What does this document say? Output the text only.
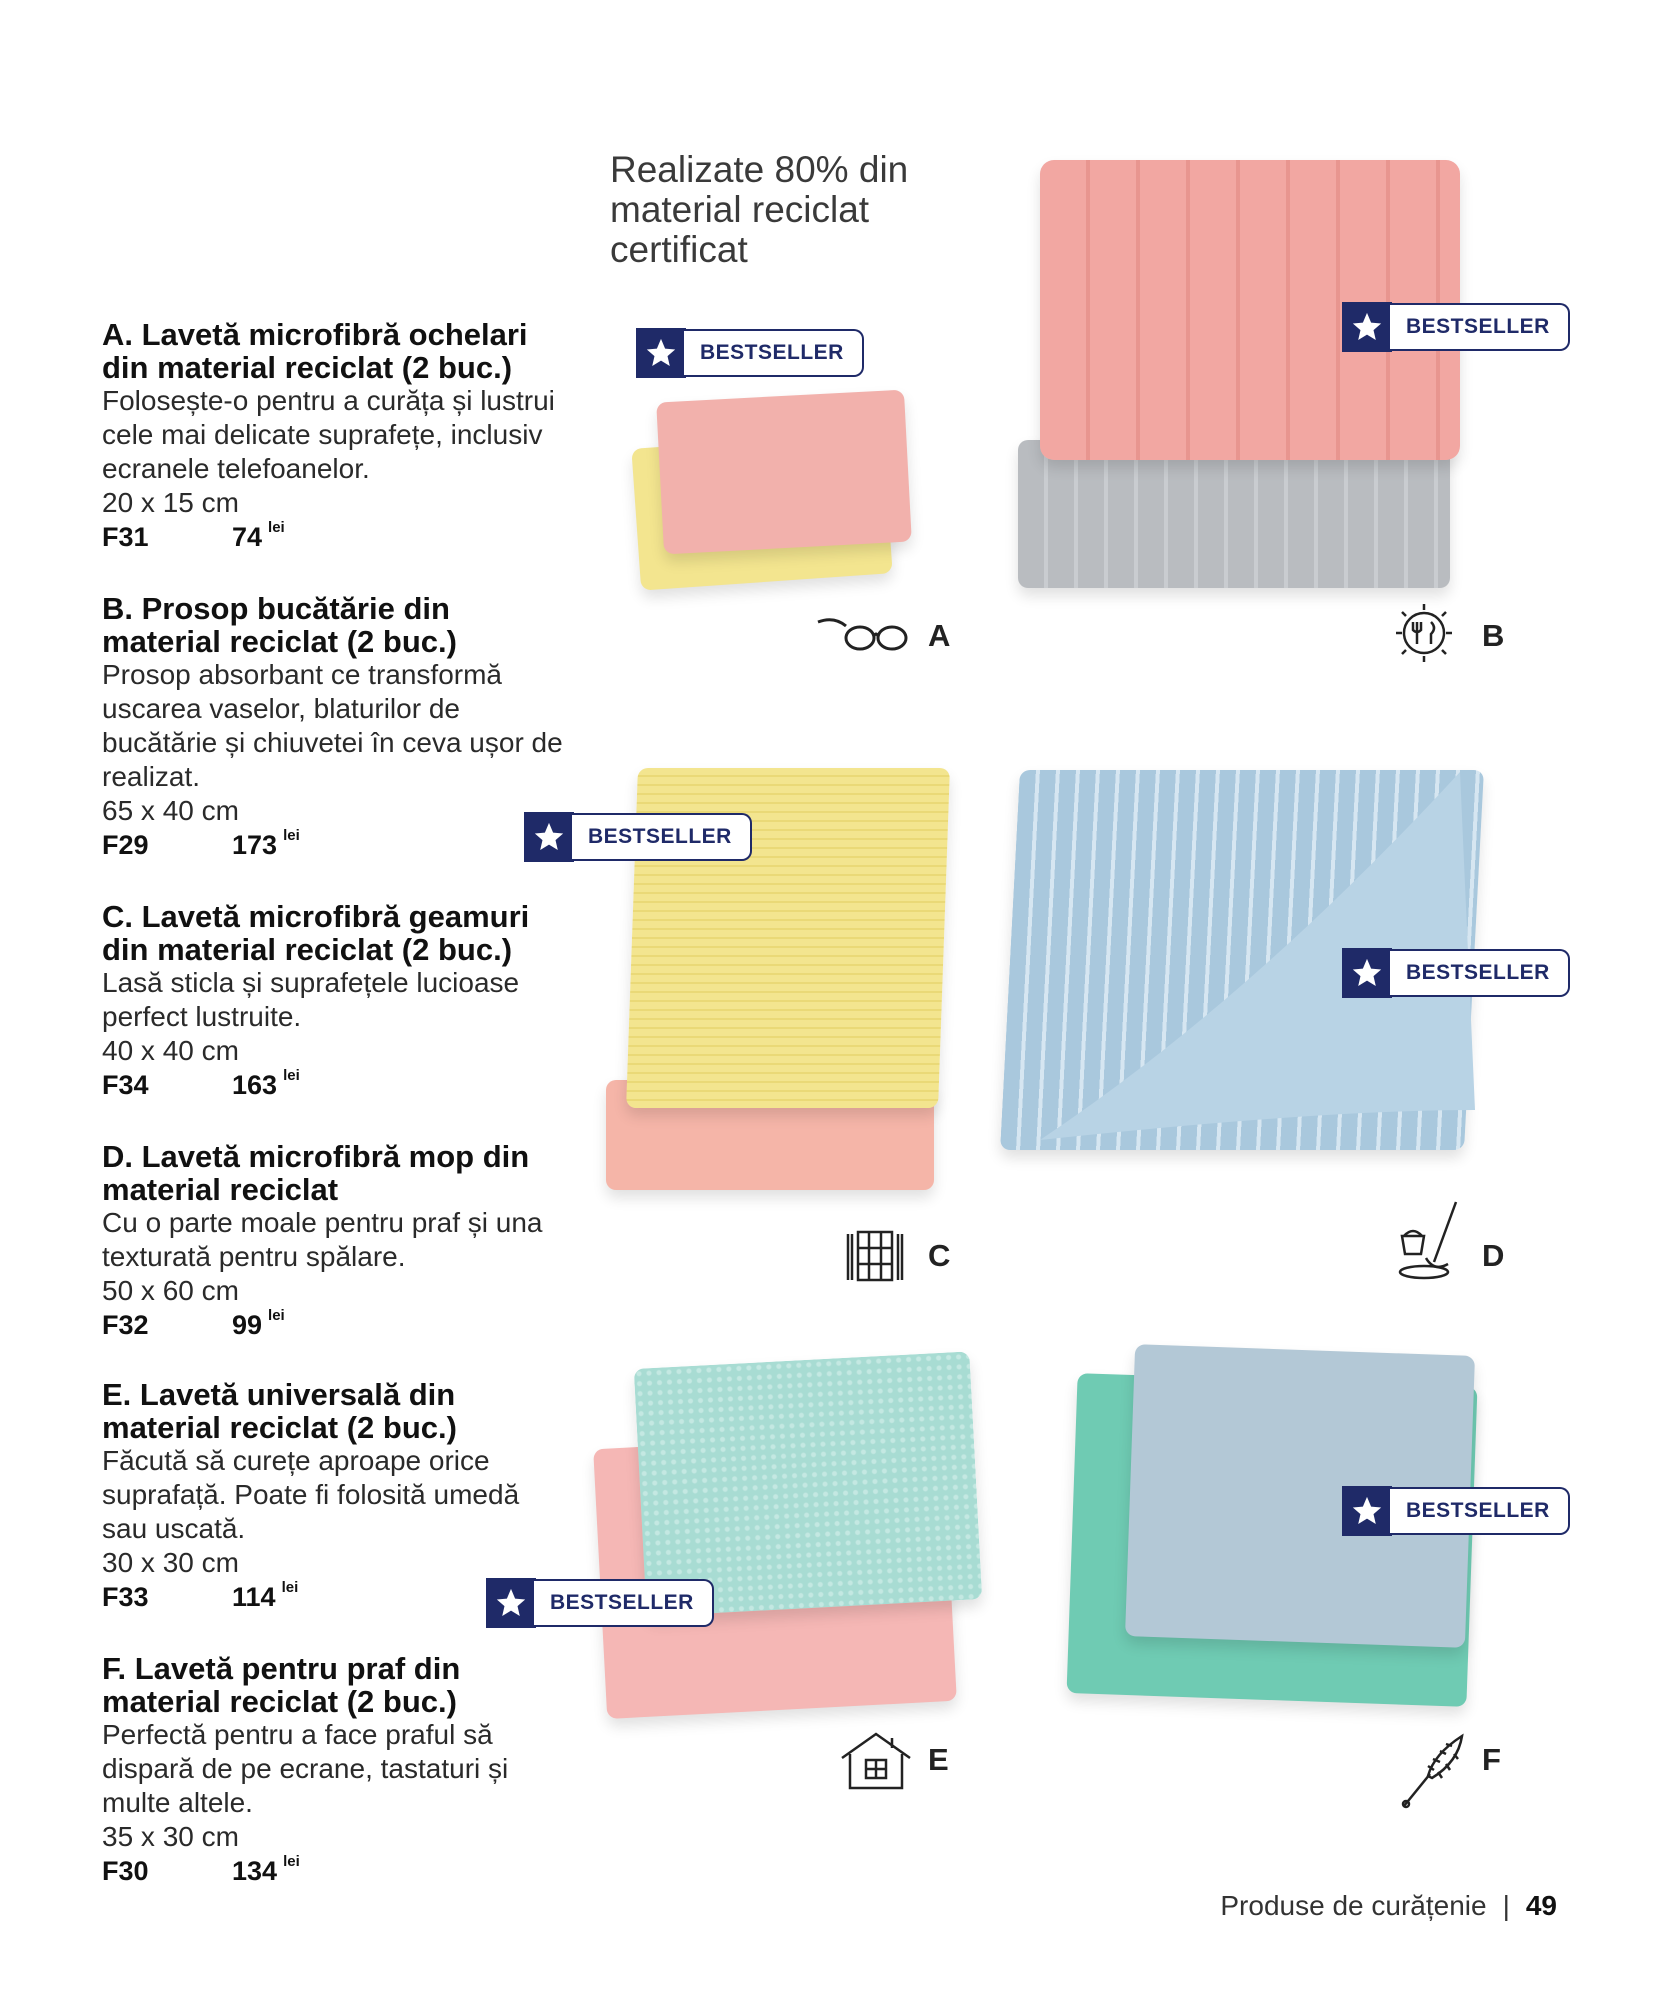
Realizate 80% din material reciclat certificat
A. Lavetă microfibră ochelari din material reciclat (2 buc.)
Folosește-o pentru a curăța și lustrui cele mai delicate suprafețe, inclusiv ecranele telefoanelor.
20 x 15 cm
F31	74 $^{lei}$
B. Prosop bucătărie din material reciclat (2 buc.)
Prosop absorbant ce transformă uscarea vaselor, blaturilor de bucătărie și chiuvetei în ceva ușor de realizat.
65 x 40 cm
F29	173 $^{lei}$
C. Lavetă microfibră geamuri din material reciclat (2 buc.)
Lasă sticla și suprafețele lucioase perfect lustruite.
40 x 40 cm
F34	163 $^{lei}$
D. Lavetă microfibră mop din material reciclat
Cu o parte moale pentru praf și una texturată pentru spălare.
50 x 60 cm
F32	99 $^{lei}$
E. Lavetă universală din material reciclat (2 buc.)
Făcută să curețe aproape orice suprafață. Poate fi folosită umedă sau uscată.
30 x 30 cm
F33	114 $^{lei}$
F. Lavetă pentru praf din material reciclat (2 buc.)
Perfectă pentru a face praful să dispară de pe ecrane, tastaturi și multe altele.
35 x 30 cm
F30	134 $^{lei}$
BESTSELLER
BESTSELLER
BESTSELLER
BESTSELLER
BESTSELLER
BESTSELLER
A	B
C	D
E	F
Produse de curățenie | 49
